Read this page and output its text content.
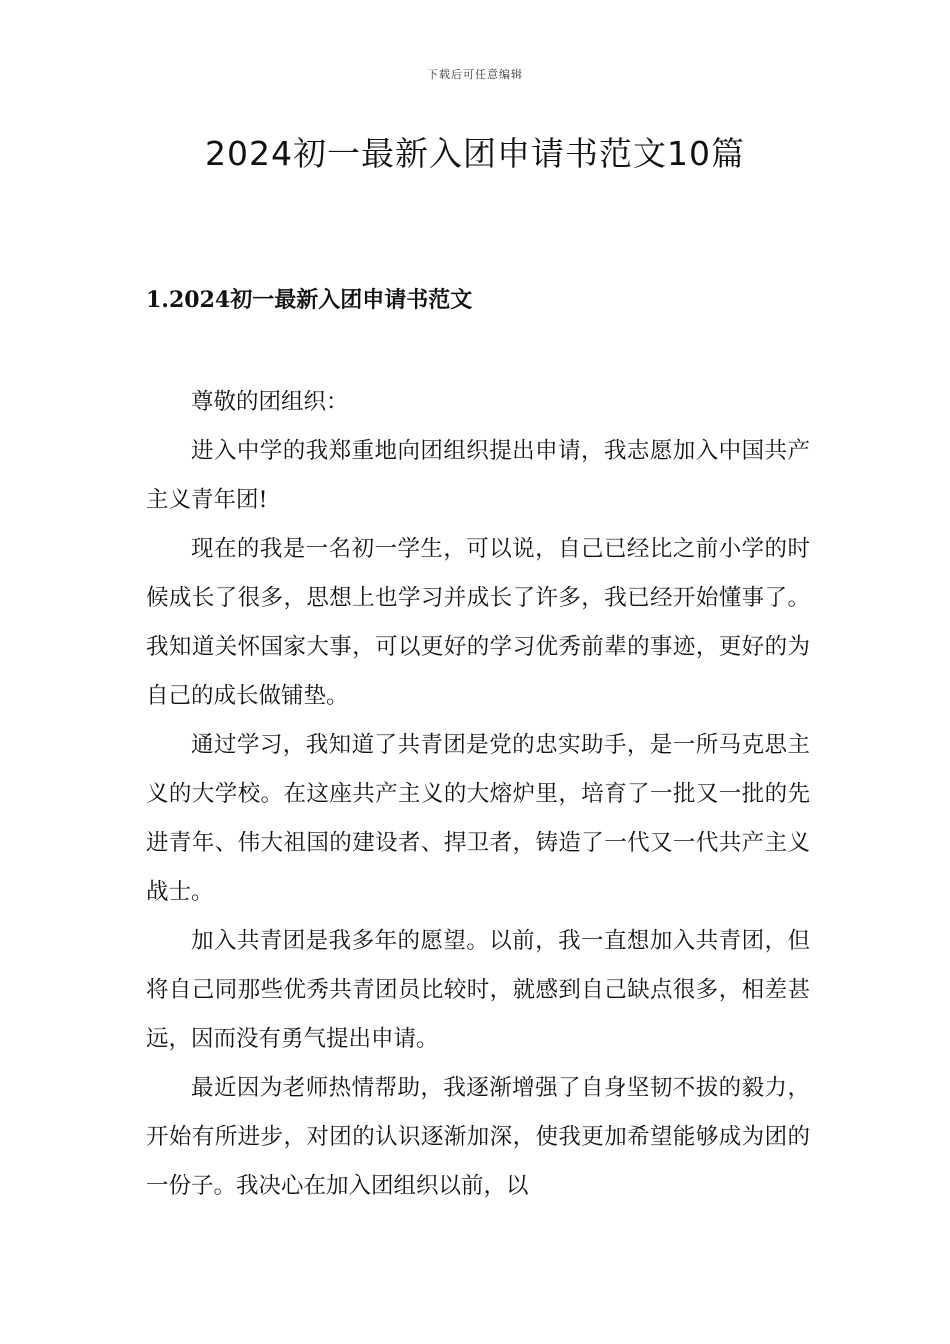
下载后可任意编辑
2024初一最新入团申请书范文10篇
1.2024初一最新入团申请书范文

尊敬的团组织：

进入中学的我郑重地向团组织提出申请，我志愿加入中国共产主义青年团!

现在的我是一名初一学生，可以说，自己已经比之前小学的时候成长了很多，思想上也学习并成长了许多，我已经开始懂事了。我知道关怀国家大事，可以更好的学习优秀前辈的事迹，更好的为自己的成长做铺垫。

通过学习，我知道了共青团是党的忠实助手，是一所马克思主义的大学校。在这座共产主义的大熔炉里，培育了一批又一批的先进青年、伟大祖国的建设者、捍卫者，铸造了一代又一代共产主义战士。

加入共青团是我多年的愿望。以前，我一直想加入共青团，但将自己同那些优秀共青团员比较时，就感到自己缺点很多，相差甚远，因而没有勇气提出申请。

最近因为老师热情帮助，我逐渐增强了自身坚韧不拔的毅力，开始有所进步，对团的认识逐渐加深，使我更加希望能够成为团的一份子。我决心在加入团组织以前，以
